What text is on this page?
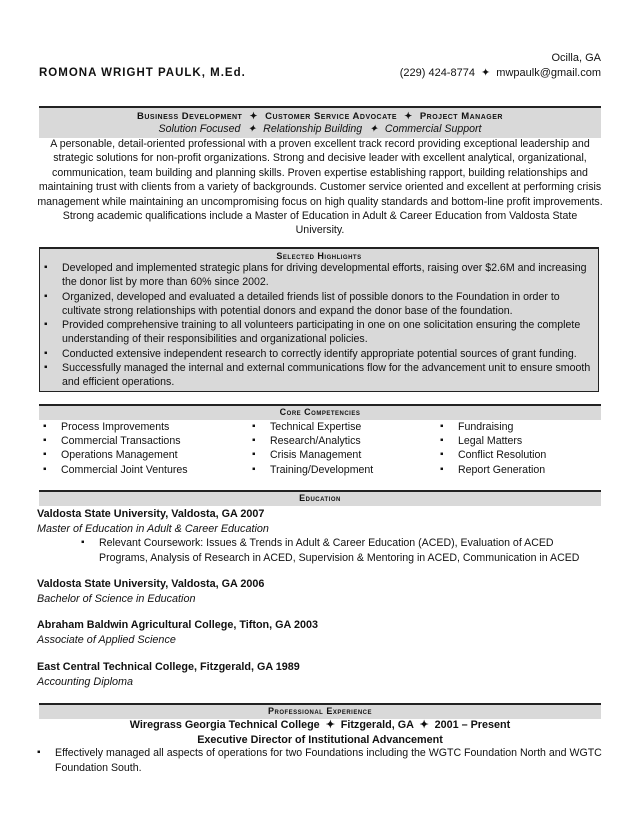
ROMONA WRIGHT PAULK, M.Ed.
Ocilla, GA
(229) 424-8774 ✦ mwpaulk@gmail.com
Business Development ✦ Customer Service Advocate ✦ Project Manager
Solution Focused ✦ Relationship Building ✦ Commercial Support
A personable, detail-oriented professional with a proven excellent track record providing exceptional leadership and strategic solutions for non-profit organizations. Strong and decisive leader with excellent analytical, organizational, communication, team building and planning skills. Proven expertise establishing rapport, building relationships and maintaining trust with clients from a variety of backgrounds. Customer service oriented and excellent at performing crisis management while maintaining an uncompromising focus on high quality standards and bottom-line profit improvements. Strong academic qualifications include a Master of Education in Adult & Career Education from Valdosta State University.
Selected Highlights
▪ Developed and implemented strategic plans for driving developmental efforts, raising over $2.6M and increasing the donor list by more than 60% since 2002.
▪ Organized, developed and evaluated a detailed friends list of possible donors to the Foundation in order to cultivate strong relationships with potential donors and expand the donor base of the foundation.
▪ Provided comprehensive training to all volunteers participating in one on one solicitation ensuring the complete understanding of their responsibilities and organizational policies.
▪ Conducted extensive independent research to correctly identify appropriate potential sources of grant funding.
▪ Successfully managed the internal and external communications flow for the advancement unit to ensure smooth and efficient operations.
Core Competencies
▪ Process Improvements
▪ Commercial Transactions
▪ Operations Management
▪ Commercial Joint Ventures
▪ Technical Expertise
▪ Research/Analytics
▪ Crisis Management
▪ Training/Development
▪ Fundraising
▪ Legal Matters
▪ Conflict Resolution
▪ Report Generation
Education
Valdosta State University, Valdosta, GA 2007
Master of Education in Adult & Career Education
▪ Relevant Coursework: Issues & Trends in Adult & Career Education (ACED), Evaluation of ACED Programs, Analysis of Research in ACED, Supervision & Mentoring in ACED, Communication in ACED
Valdosta State University, Valdosta, GA 2006
Bachelor of Science in Education
Abraham Baldwin Agricultural College, Tifton, GA 2003
Associate of Applied Science
East Central Technical College, Fitzgerald, GA 1989
Accounting Diploma
Professional Experience
Wiregrass Georgia Technical College ✦ Fitzgerald, GA ✦ 2001 – Present
Executive Director of Institutional Advancement
▪ Effectively managed all aspects of operations for two Foundations including the WGTC Foundation North and WGTC Foundation South.
